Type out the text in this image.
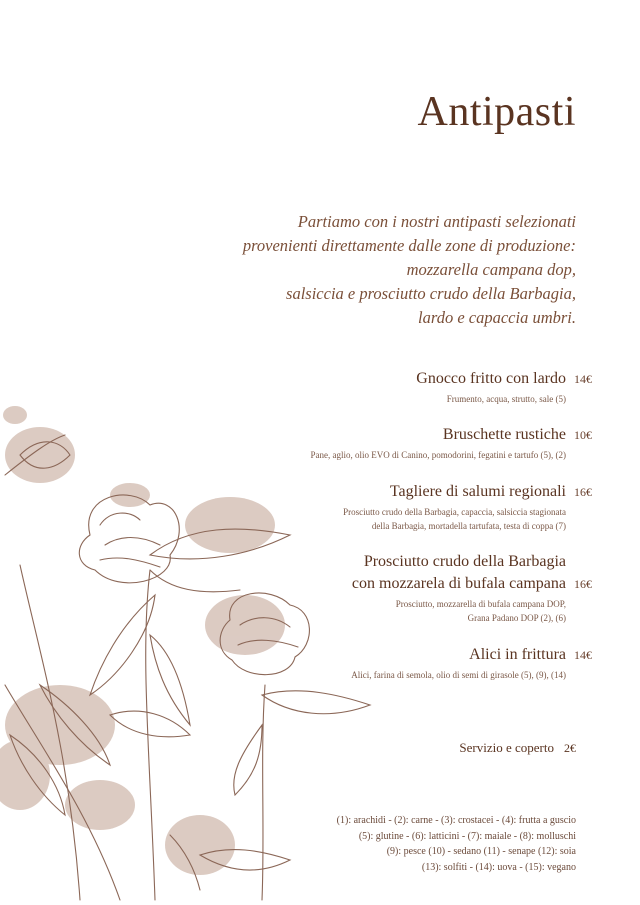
Antipasti
Partiamo con i nostri antipasti selezionati
provenienti direttamente dalle zone di produzione:
mozzarella campana dop,
salsiccia e prosciutto crudo della Barbagia,
lardo e capaccia umbri.
Gnocco fritto con lardo 14€
Frumento, acqua, strutto, sale (5)
Bruschette rustiche 10€
Pane, aglio, olio EVO di Canino, pomodorini, fegatini e tartufo (5), (2)
Tagliere di salumi regionali 16€
Prosciutto crudo della Barbagia, capaccia, salsiccia stagionata
della Barbagia, mortadella tartufata, testa di coppa (7)
Prosciutto crudo della Barbagia
con mozzarela di bufala campana 16€
Prosciutto, mozzarella di bufala campana DOP,
Grana Padano DOP (2), (6)
Alici in frittura 14€
Alici, farina di semola, olio di semi di girasole (5), (9), (14)
Servizio e coperto 2€
(1): arachidi - (2): carne - (3): crostacei - (4): frutta a guscio
(5): glutine - (6): latticini - (7): maiale - (8): molluschi
(9): pesce (10) - sedano (11) - senape (12): soia
(13): solfiti - (14): uova - (15): vegano
